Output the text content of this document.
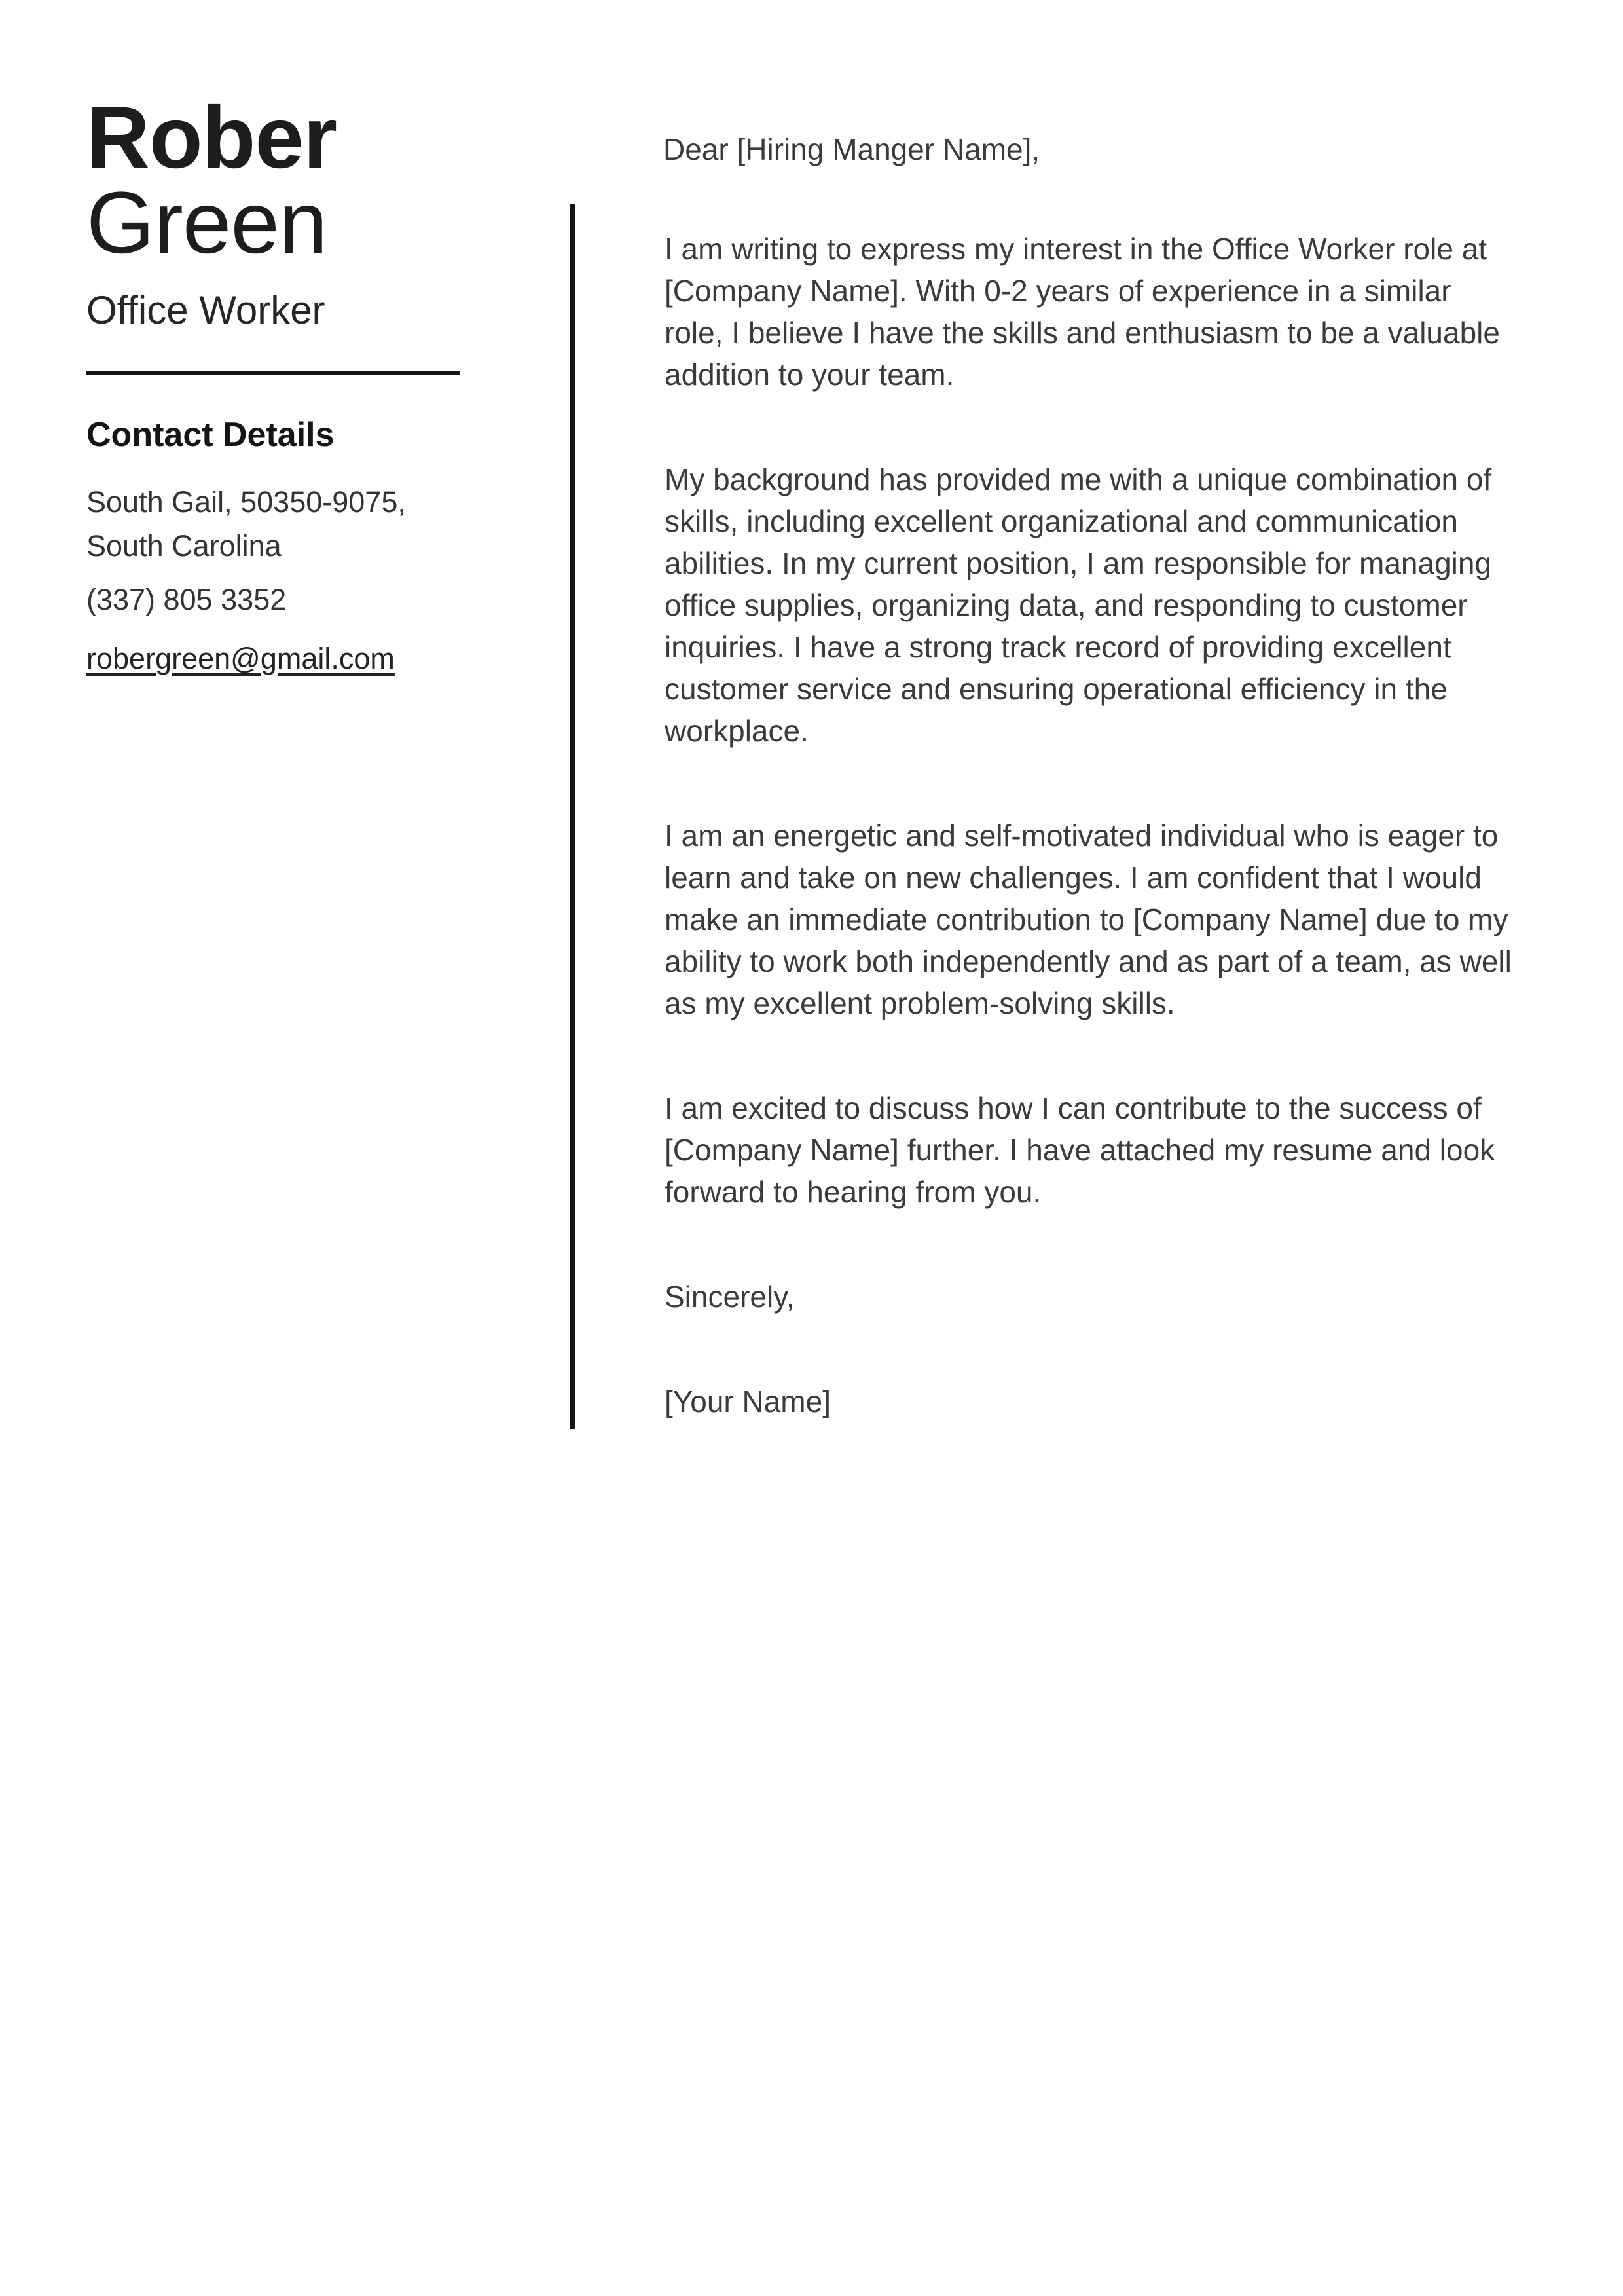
Rober
Green
Office Worker
Contact Details
South Gail, 50350-9075,
South Carolina
(337) 805 3352
robergreen@gmail.com

Dear [Hiring Manger Name],

I am writing to express my interest in the Office Worker role at [Company Name]. With 0-2 years of experience in a similar role, I believe I have the skills and enthusiasm to be a valuable addition to your team.

My background has provided me with a unique combination of skills, including excellent organizational and communication abilities. In my current position, I am responsible for managing office supplies, organizing data, and responding to customer inquiries. I have a strong track record of providing excellent customer service and ensuring operational efficiency in the workplace.

I am an energetic and self-motivated individual who is eager to learn and take on new challenges. I am confident that I would make an immediate contribution to [Company Name] due to my ability to work both independently and as part of a team, as well as my excellent problem-solving skills.

I am excited to discuss how I can contribute to the success of [Company Name] further. I have attached my resume and look forward to hearing from you.

Sincerely,

[Your Name]
